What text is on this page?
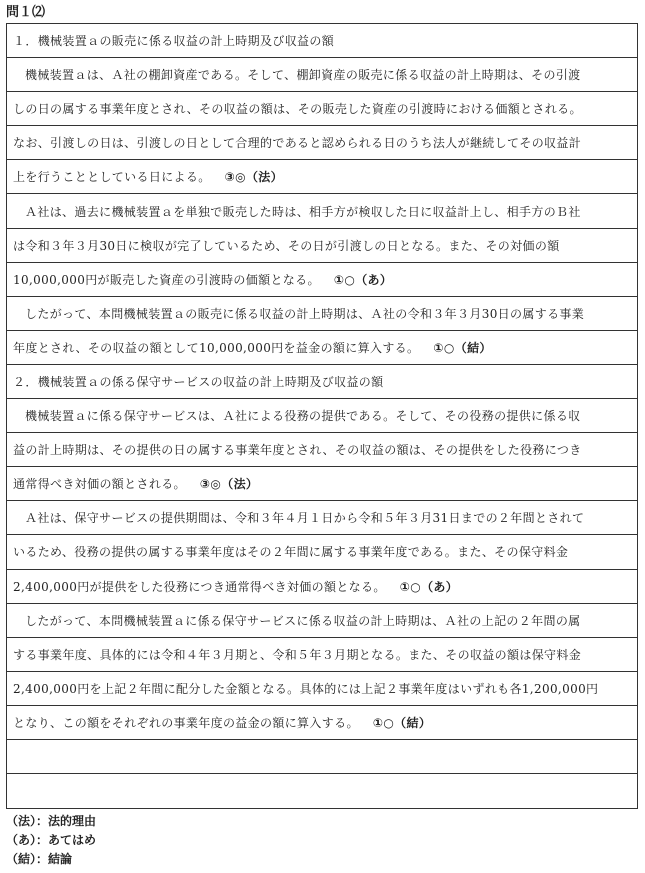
問１⑵
１．機械装置ａの販売に係る収益の計上時期及び収益の額
機械装置ａは、Ａ社の棚卸資産である。そして、棚卸資産の販売に係る収益の計上時期は、その引渡
しの日の属する事業年度とされ、その収益の額は、その販売した資産の引渡時における価額とされる。
なお、引渡しの日は、引渡しの日として合理的であると認められる日のうち法人が継続してその収益計
上を行うこととしている日による。 ③◎（法）
Ａ社は、過去に機械装置ａを単独で販売した時は、相手方が検収した日に収益計上し、相手方のＢ社
は令和３年３月30日に検収が完了しているため、その日が引渡しの日となる。また、その対価の額
10,000,000円が販売した資産の引渡時の価額となる。 ①○（あ）
したがって、本問機械装置ａの販売に係る収益の計上時期は、Ａ社の令和３年３月30日の属する事業
年度とされ、その収益の額として10,000,000円を益金の額に算入する。 ①○（結）
２．機械装置ａの係る保守サービスの収益の計上時期及び収益の額
機械装置ａに係る保守サービスは、Ａ社による役務の提供である。そして、その役務の提供に係る収
益の計上時期は、その提供の日の属する事業年度とされ、その収益の額は、その提供をした役務につき
通常得べき対価の額とされる。 ③◎（法）
Ａ社は、保守サービスの提供期間は、令和３年４月１日から令和５年３月31日までの２年間とされて
いるため、役務の提供の属する事業年度はその２年間に属する事業年度である。また、その保守料金
2,400,000円が提供をした役務につき通常得べき対価の額となる。 ①○（あ）
したがって、本問機械装置ａに係る保守サービスに係る収益の計上時期は、Ａ社の上記の２年間の属
する事業年度、具体的には令和４年３月期と、令和５年３月期となる。また、その収益の額は保守料金
2,400,000円を上記２年間に配分した金額となる。具体的には上記２事業年度はいずれも各1,200,000円
となり、この額をそれぞれの事業年度の益金の額に算入する。 ①○（結）
（法）：法的理由
（あ）：あてはめ
（結）：結論
